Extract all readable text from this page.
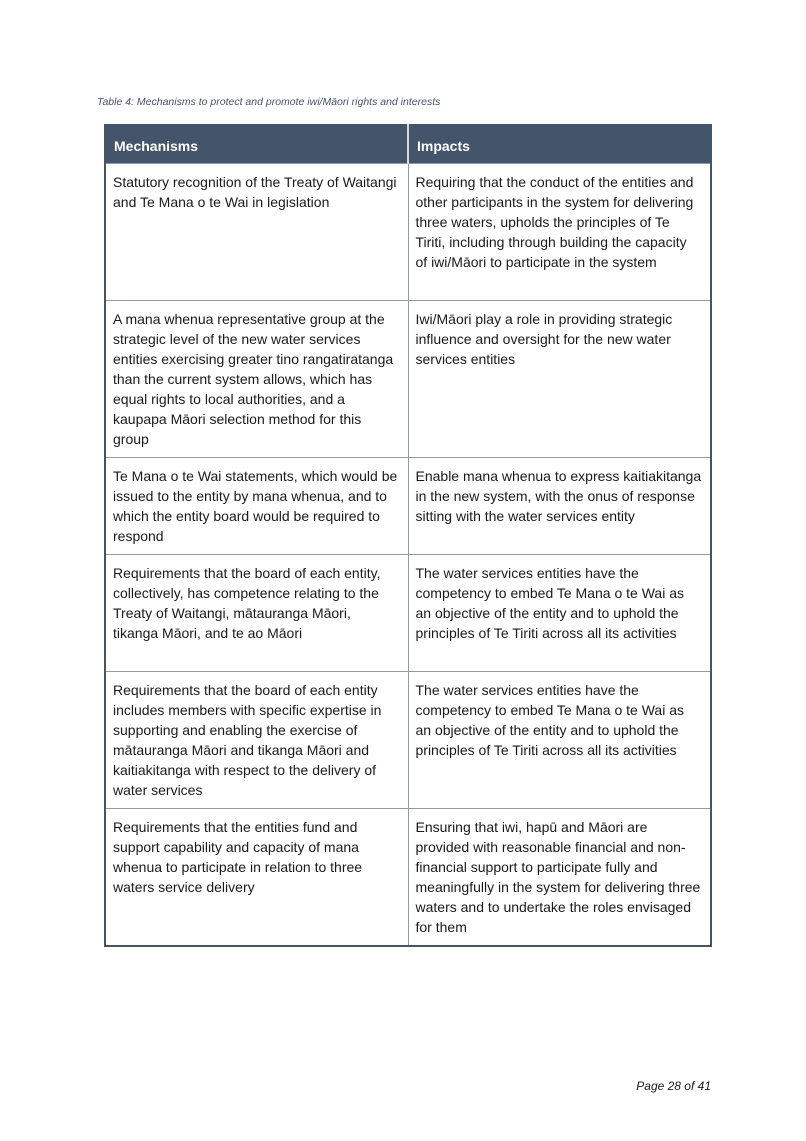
Table 4: Mechanisms to protect and promote iwi/Māori rights and interests
Mechanisms	Impacts
Statutory recognition of the Treaty of Waitangi and Te Mana o te Wai in legislation	Requiring that the conduct of the entities and other participants in the system for delivering three waters, upholds the principles of Te Tiriti, including through building the capacity of iwi/Māori to participate in the system
A mana whenua representative group at the strategic level of the new water services entities exercising greater tino rangatiratanga than the current system allows, which has equal rights to local authorities, and a kaupapa Māori selection method for this group	Iwi/Māori play a role in providing strategic influence and oversight for the new water services entities
Te Mana o te Wai statements, which would be issued to the entity by mana whenua, and to which the entity board would be required to respond	Enable mana whenua to express kaitiakitanga in the new system, with the onus of response sitting with the water services entity
Requirements that the board of each entity, collectively, has competence relating to the Treaty of Waitangi, mātauranga Māori, tikanga Māori, and te ao Māori	The water services entities have the competency to embed Te Mana o te Wai as an objective of the entity and to uphold the principles of Te Tiriti across all its activities
Requirements that the board of each entity includes members with specific expertise in supporting and enabling the exercise of mātauranga Māori and tikanga Māori and kaitiakitanga with respect to the delivery of water services	The water services entities have the competency to embed Te Mana o te Wai as an objective of the entity and to uphold the principles of Te Tiriti across all its activities
Requirements that the entities fund and support capability and capacity of mana whenua to participate in relation to three waters service delivery	Ensuring that iwi, hapū and Māori are provided with reasonable financial and non-financial support to participate fully and meaningfully in the system for delivering three waters and to undertake the roles envisaged for them
Page 28 of 41
